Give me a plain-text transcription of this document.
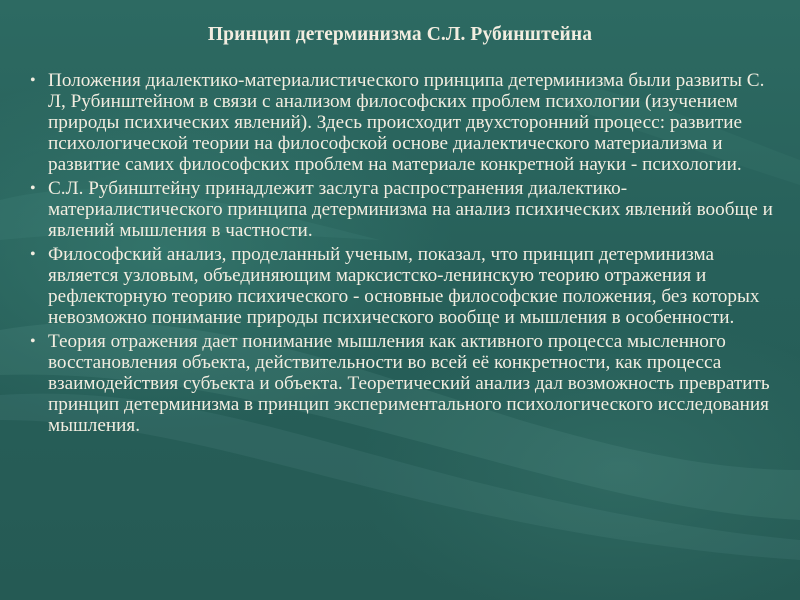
Принцип детерминизма С.Л. Рубинштейна
• Положения диалектико-материалистического принципа детерминизма были развиты С. Л, Рубинштейном в связи с анализом философских проблем психологии (изучением природы психических явлений). Здесь происходит двухсторонний процесс: развитие психологической теории на философской основе диалектического материализма и развитие самих философских проблем на материале конкретной науки - психологии.
• С.Л. Рубинштейну принадлежит заслуга распространения диалектико-материалистического принципа детерминизма на анализ психических явлений вообще и явлений мышления в частности.
• Философский анализ, проделанный ученым, показал, что принцип детерминизма является узловым, объединяющим марксистско-ленинскую теорию отражения и рефлекторную теорию психического - основные философские положения, без которых невозможно понимание природы психического вообще и мышления в особенности.
• Теория отражения дает понимание мышления как активного процесса мысленного восстановления объекта, действительности во всей её конкретности, как процесса взаимодействия субъекта и объекта. Теоретический анализ дал возможность превратить принцип детерминизма в принцип экспериментального психологического исследования мышления.
